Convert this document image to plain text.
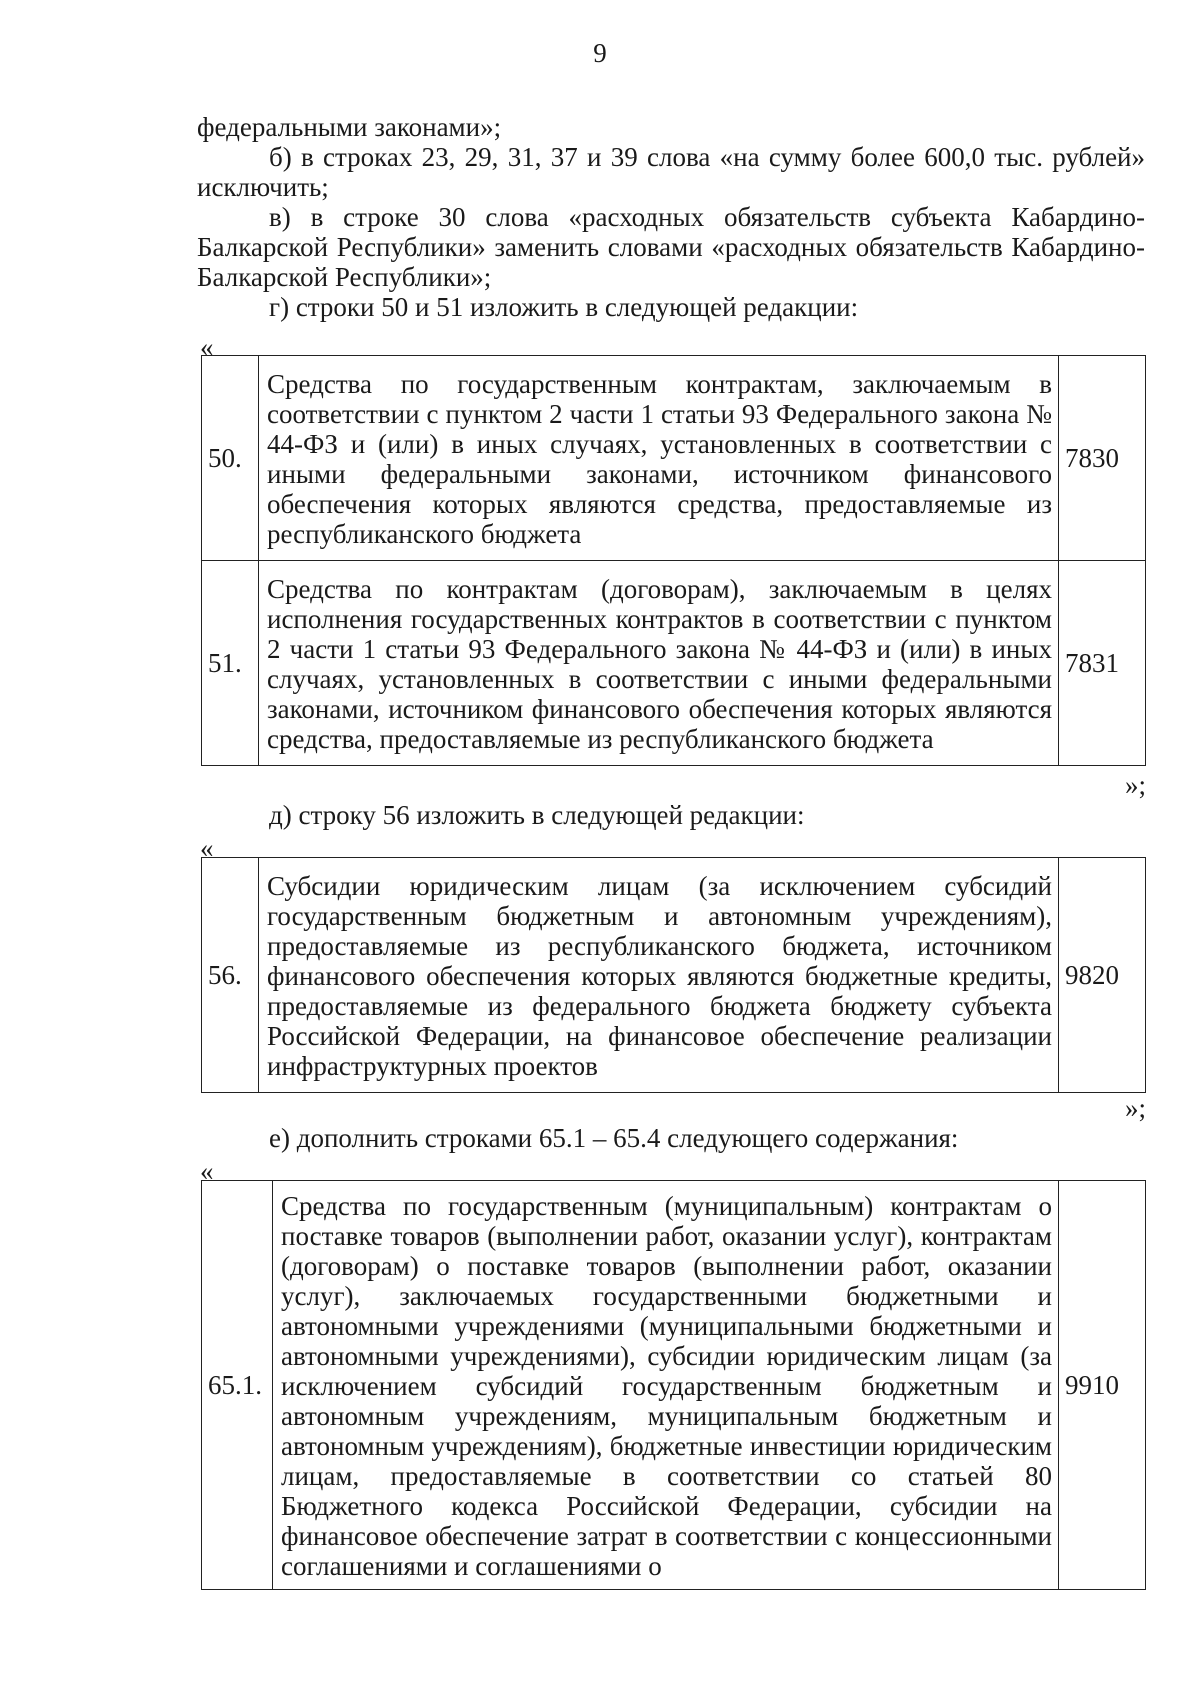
9

федеральными законами»;

б) в строках 23, 29, 31, 37 и 39 слова «на сумму более 600,0 тыс. рублей» исключить;

в) в строке 30 слова «расходных обязательств субъекта Кабардино-Балкарской Республики» заменить словами «расходных обязательств Кабардино-Балкарской Республики»;

г) строки 50 и 51 изложить в следующей редакции:

«
50.	Средства по государственным контрактам, заключаемым в соответствии с пунктом 2 части 1 статьи 93 Федерального закона № 44-ФЗ и (или) в иных случаях, установленных в соответствии с иными федеральными законами, источником финансового обеспечения которых являются средства, предоставляемые из республиканского бюджета	7830
51.	Средства по контрактам (договорам), заключаемым в целях исполнения государственных контрактов в соответствии с пунктом 2 части 1 статьи 93 Федерального закона № 44-ФЗ и (или) в иных случаях, установленных в соответствии с иными федеральными законами, источником финансового обеспечения которых являются средства, предоставляемые из республиканского бюджета	7831
»;
д) строку 56 изложить в следующей редакции:
«
56.	Субсидии юридическим лицам (за исключением субсидий государственным бюджетным и автономным учреждениям), предоставляемые из республиканского бюджета, источником финансового обеспечения которых являются бюджетные кредиты, предоставляемые из федерального бюджета бюджету субъекта Российской Федерации, на финансовое обеспечение реализации инфраструктурных проектов	9820
»;
е) дополнить строками 65.1 – 65.4 следующего содержания:
«
65.1.	Средства по государственным (муниципальным) контрактам о поставке товаров (выполнении работ, оказании услуг), контрактам (договорам) о поставке товаров (выполнении работ, оказании услуг), заключаемых государственными бюджетными и автономными учреждениями (муниципальными бюджетными и автономными учреждениями), субсидии юридическим лицам (за исключением субсидий государственным бюджетным и автономным учреждениям, муниципальным бюджетным и автономным учреждениям), бюджетные инвестиции юридическим лицам, предоставляемые в соответствии со статьей 80 Бюджетного кодекса Российской Федерации, субсидии на финансовое обеспечение затрат в соответствии с концессионными соглашениями и соглашениями о	9910
